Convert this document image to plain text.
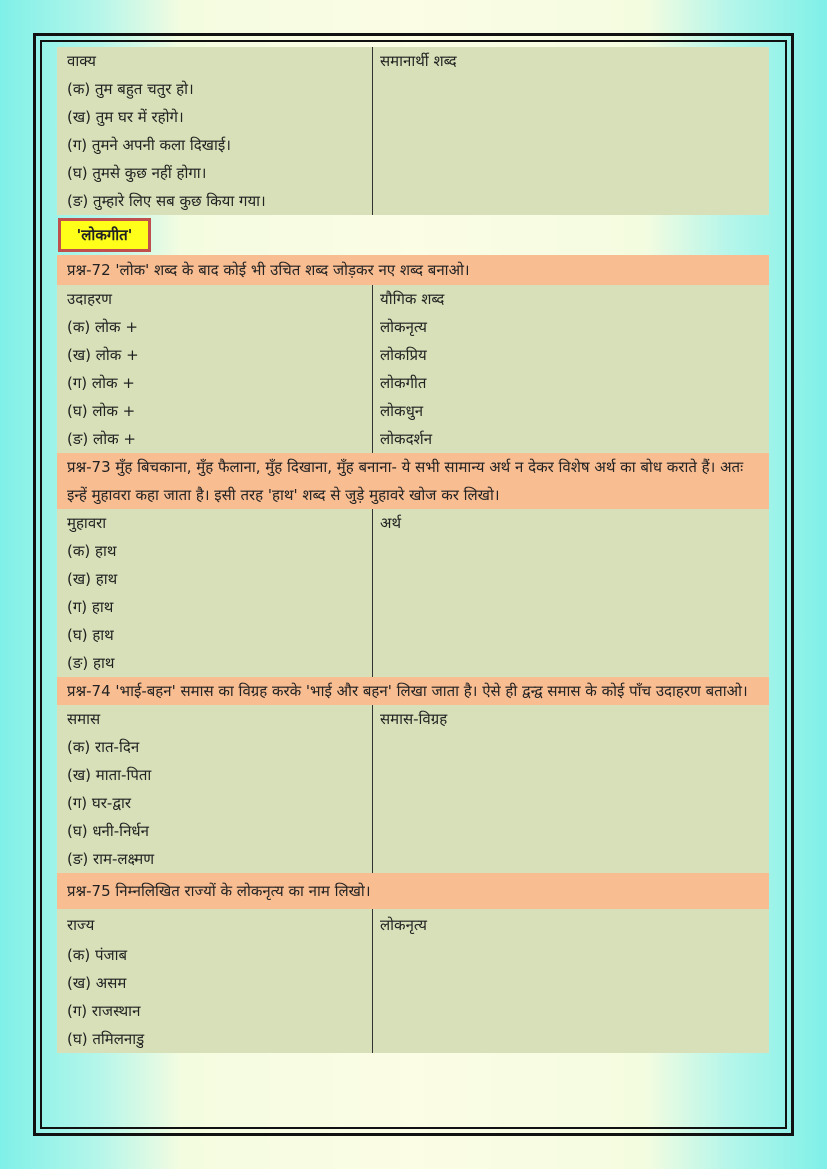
वाक्य	समानार्थी शब्द
(क) तुम बहुत चतुर हो।
(ख) तुम घर में रहोगे।
(ग) तुमने अपनी कला दिखाई।
(घ) तुमसे कुछ नहीं होगा।
(ङ) तुम्हारे लिए सब कुछ किया गया।
'लोकगीत'
प्रश्न-72 'लोक' शब्द के बाद कोई भी उचित शब्द जोड़कर नए शब्द बनाओ।
उदाहरण	यौगिक शब्द
(क) लोक +	लोकनृत्य
(ख) लोक +	लोकप्रिय
(ग) लोक +	लोकगीत
(घ) लोक +	लोकधुन
(ङ) लोक +	लोकदर्शन
प्रश्न-73 मुँह बिचकाना, मुँह फैलाना, मुँह दिखाना, मुँह बनाना- ये सभी सामान्य अर्थ न देकर विशेष अर्थ का बोध कराते हैं। अतः इन्हें मुहावरा कहा जाता है। इसी तरह 'हाथ' शब्द से जुड़े मुहावरे खोज कर लिखो।
मुहावरा	अर्थ
(क) हाथ
(ख) हाथ
(ग) हाथ
(घ) हाथ
(ङ) हाथ
प्रश्न-74 'भाई-बहन' समास का विग्रह करके 'भाई और बहन' लिखा जाता है। ऐसे ही द्वन्द्व समास के कोई पाँच उदाहरण बताओ।
समास	समास-विग्रह
(क) रात-दिन
(ख) माता-पिता
(ग) घर-द्वार
(घ) धनी-निर्धन
(ङ) राम-लक्ष्मण
प्रश्न-75 निम्नलिखित राज्यों के लोकनृत्य का नाम लिखो।
राज्य	लोकनृत्य
(क) पंजाब
(ख) असम
(ग) राजस्थान
(घ) तमिलनाडु
